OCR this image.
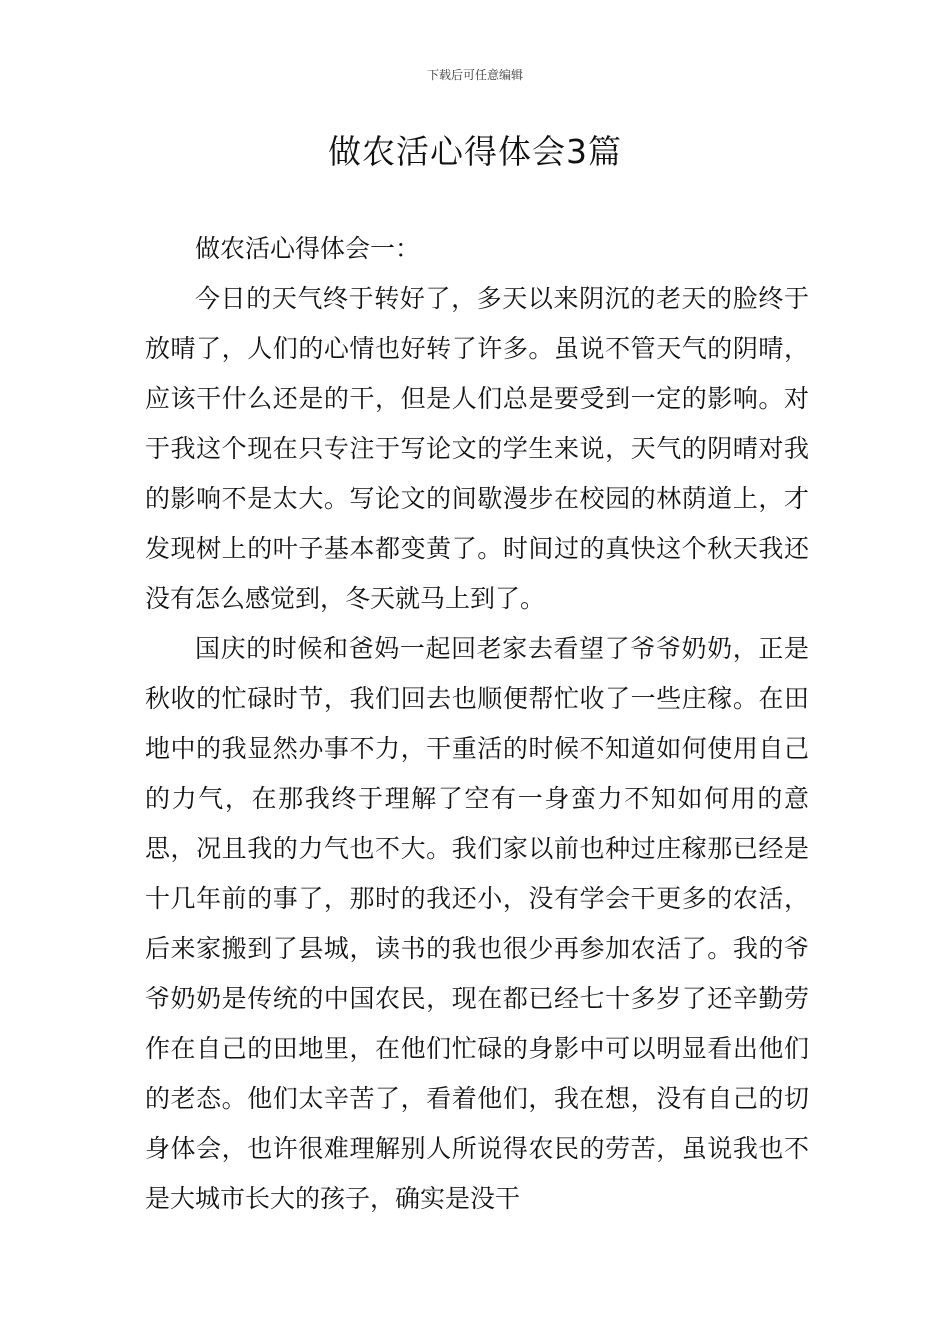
下载后可任意编辑
做农活心得体会3篇

做农活心得体会一：

今日的天气终于转好了，多天以来阴沉的老天的脸终于放晴了，人们的心情也好转了许多。虽说不管天气的阴晴，应该干什么还是的干，但是人们总是要受到一定的影响。对于我这个现在只专注于写论文的学生来说，天气的阴晴对我的影响不是太大。写论文的间歇漫步在校园的林荫道上，才发现树上的叶子基本都变黄了。时间过的真快这个秋天我还没有怎么感觉到，冬天就马上到了。

国庆的时候和爸妈一起回老家去看望了爷爷奶奶，正是秋收的忙碌时节，我们回去也顺便帮忙收了一些庄稼。在田地中的我显然办事不力，干重活的时候不知道如何使用自己的力气，在那我终于理解了空有一身蛮力不知如何用的意思，况且我的力气也不大。我们家以前也种过庄稼那已经是十几年前的事了，那时的我还小，没有学会干更多的农活，后来家搬到了县城，读书的我也很少再参加农活了。我的爷爷奶奶是传统的中国农民，现在都已经七十多岁了还辛勤劳作在自己的田地里，在他们忙碌的身影中可以明显看出他们的老态。他们太辛苦了，看着他们，我在想，没有自己的切身体会，也许很难理解别人所说得农民的劳苦，虽说我也不是大城市长大的孩子，确实是没干
